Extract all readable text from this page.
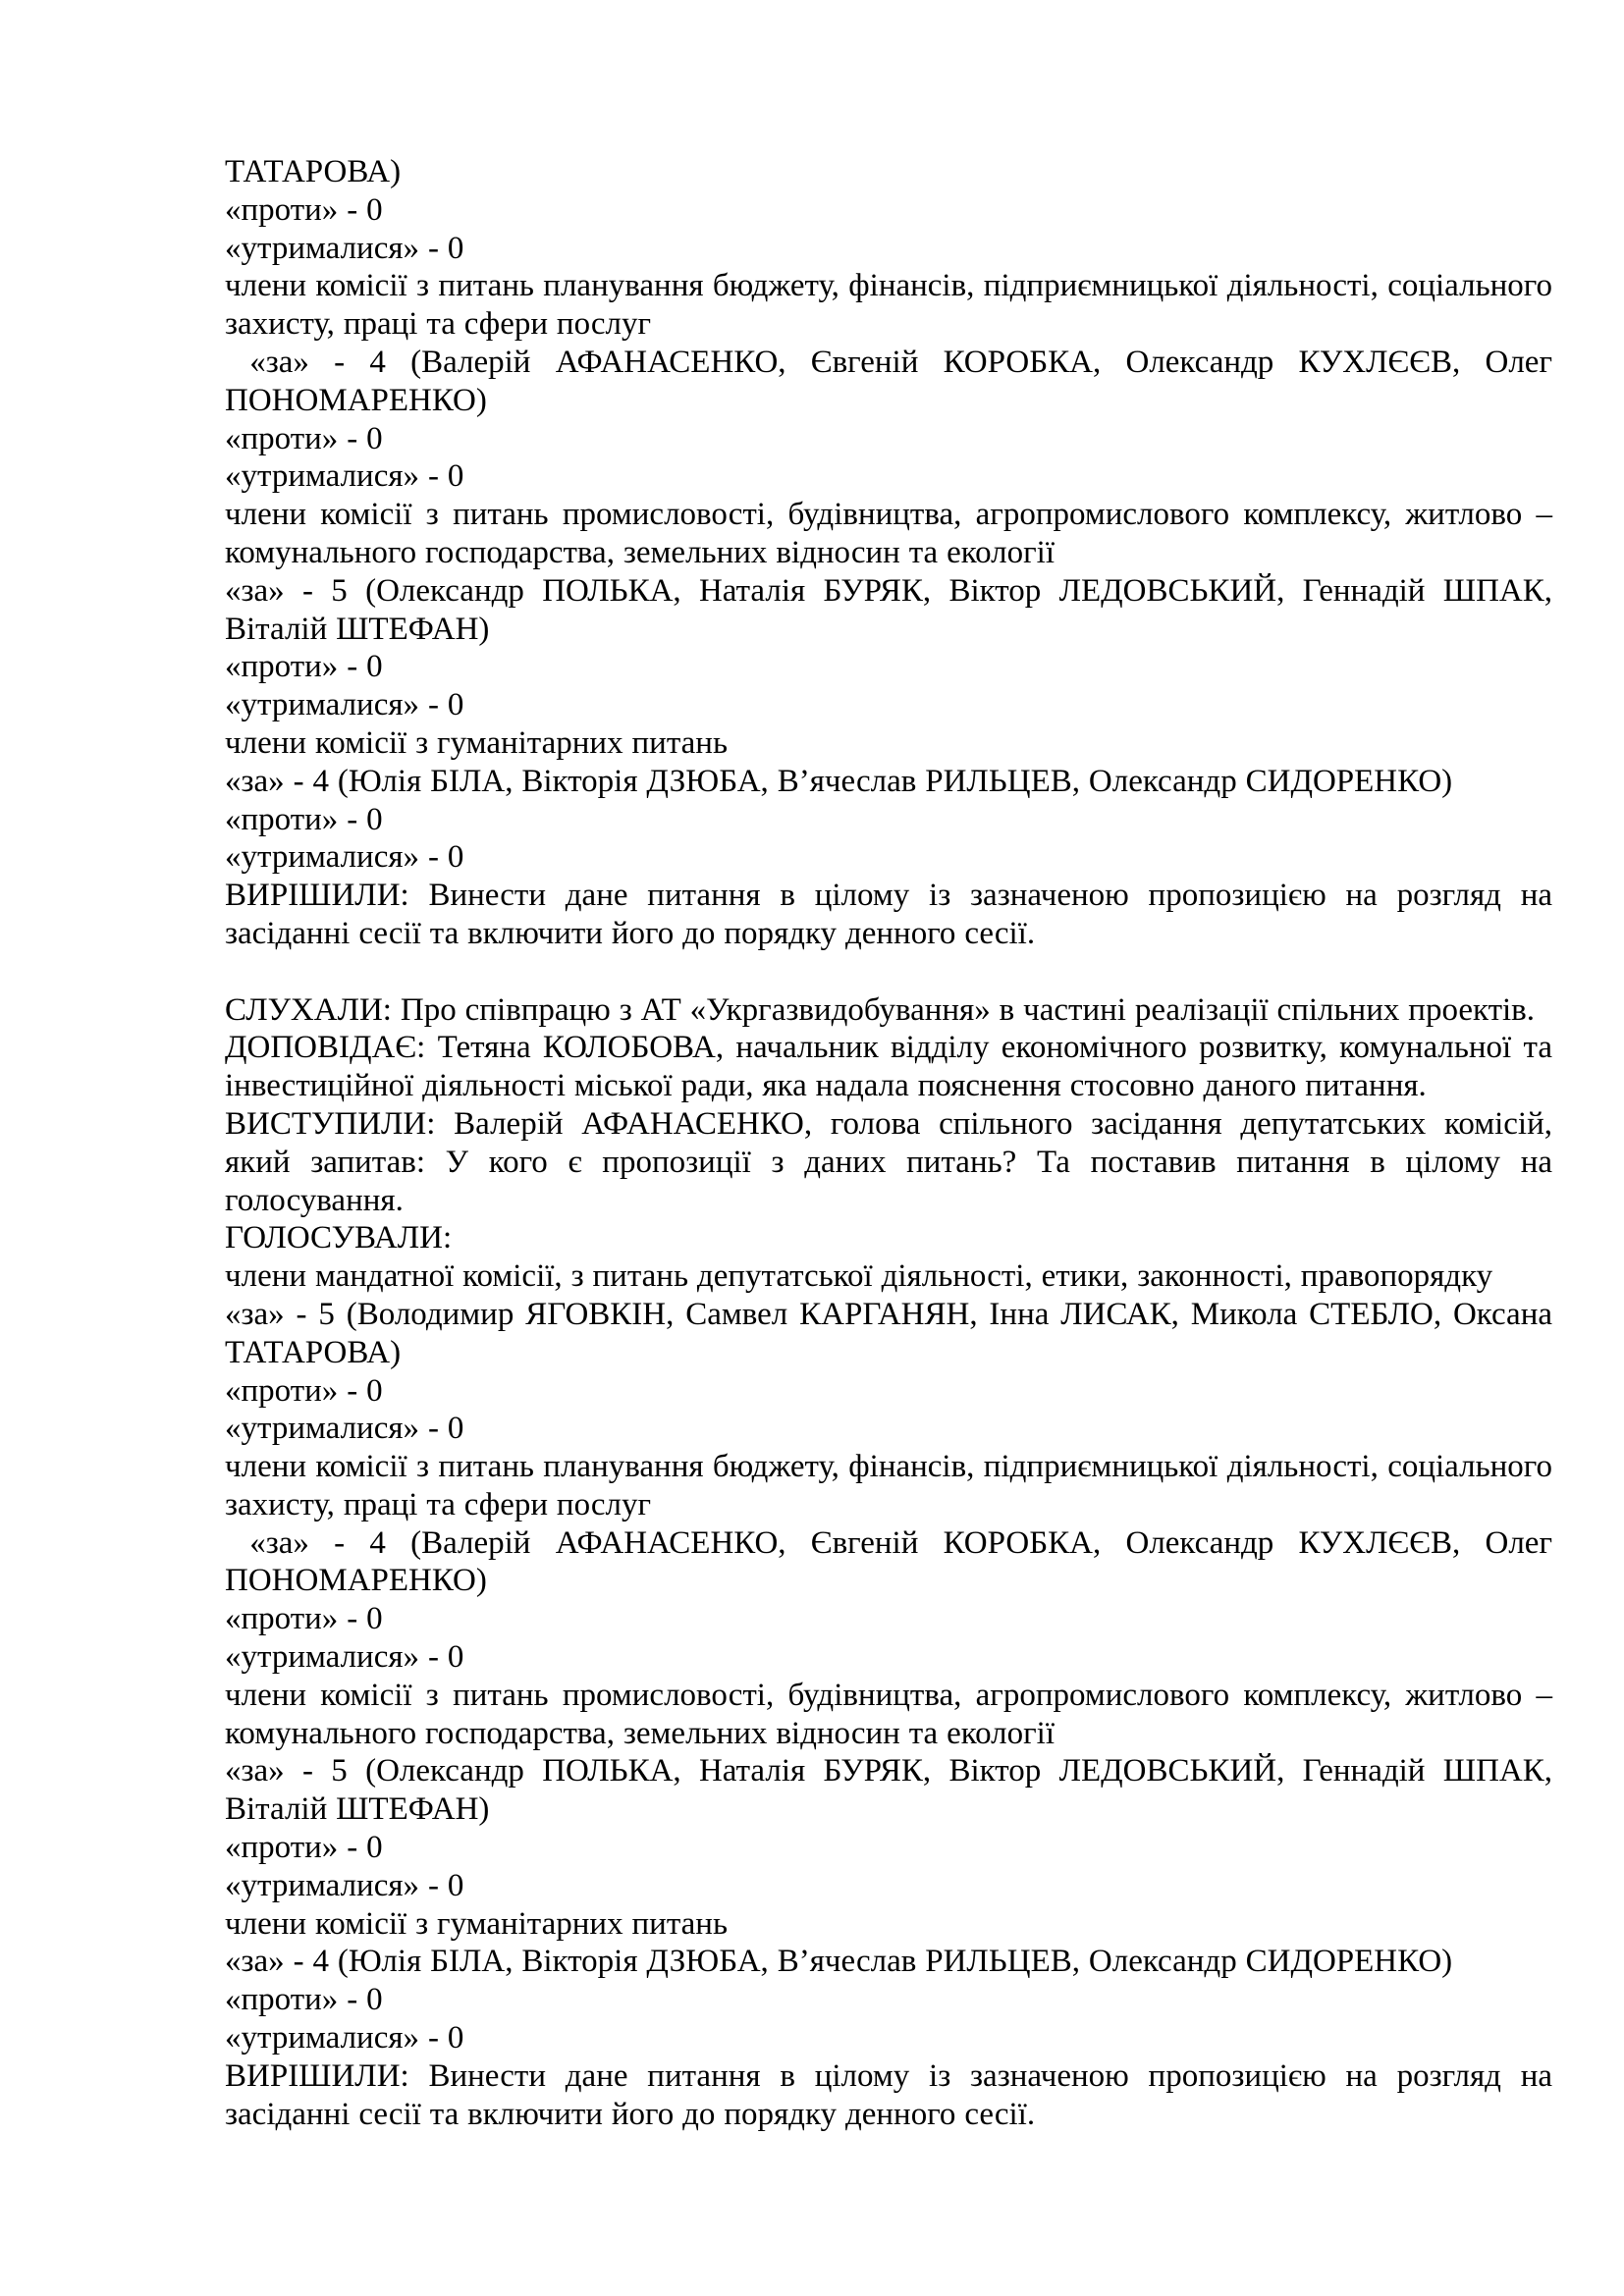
ТАТАРОВА)

«проти» - 0

«утрималися» - 0

члени комісії з питань планування бюджету, фінансів, підприємницької діяльності, соціального захисту, праці та сфери послуг

«за» - 4 (Валерій АФАНАСЕНКО, Євгеній КОРОБКА, Олександр КУХЛЄЄВ, Олег ПОНОМАРЕНКО)

«проти» - 0

«утрималися» - 0

члени комісії з питань промисловості, будівництва, агропромислового комплексу, житлово – комунального господарства, земельних відносин та екології

«за» - 5 (Олександр ПОЛЬКА, Наталія БУРЯК, Віктор ЛЕДОВСЬКИЙ, Геннадій ШПАК, Віталій ШТЕФАН)

«проти» - 0

«утрималися» - 0

члени комісії з гуманітарних питань

«за» - 4 (Юлія БІЛА, Вікторія ДЗЮБА, В’ячеслав РИЛЬЦЕВ, Олександр СИДОРЕНКО)

«проти» - 0

«утрималися» - 0

ВИРІШИЛИ: Винести дане питання в цілому із зазначеною пропозицією на розгляд на засіданні сесії та включити його до порядку денного сесії.

СЛУХАЛИ: Про співпрацю з АТ «Укргазвидобування» в частині реалізації спільних проектів.

ДОПОВІДАЄ: Тетяна КОЛОБОВА, начальник відділу економічного розвитку, комунальної та інвестиційної діяльності міської ради, яка надала пояснення стосовно даного питання.

ВИСТУПИЛИ: Валерій АФАНАСЕНКО, голова спільного засідання депутатських комісій, який запитав: У кого є пропозиції з даних питань? Та поставив питання в цілому на голосування.

ГОЛОСУВАЛИ:

члени мандатної комісії, з питань депутатської діяльності, етики, законності, правопорядку

«за» - 5 (Володимир ЯГОВКІН, Самвел КАРГАНЯН, Інна ЛИСАК, Микола СТЕБЛО, Оксана ТАТАРОВА)

«проти» - 0

«утрималися» - 0

члени комісії з питань планування бюджету, фінансів, підприємницької діяльності, соціального захисту, праці та сфери послуг

«за» - 4 (Валерій АФАНАСЕНКО, Євгеній КОРОБКА, Олександр КУХЛЄЄВ, Олег ПОНОМАРЕНКО)

«проти» - 0

«утрималися» - 0

члени комісії з питань промисловості, будівництва, агропромислового комплексу, житлово – комунального господарства, земельних відносин та екології

«за» - 5 (Олександр ПОЛЬКА, Наталія БУРЯК, Віктор ЛЕДОВСЬКИЙ, Геннадій ШПАК, Віталій ШТЕФАН)

«проти» - 0

«утрималися» - 0

члени комісії з гуманітарних питань

«за» - 4 (Юлія БІЛА, Вікторія ДЗЮБА, В’ячеслав РИЛЬЦЕВ, Олександр СИДОРЕНКО)

«проти» - 0

«утрималися» - 0

ВИРІШИЛИ: Винести дане питання в цілому із зазначеною пропозицією на розгляд на засіданні сесії та включити його до порядку денного сесії.
